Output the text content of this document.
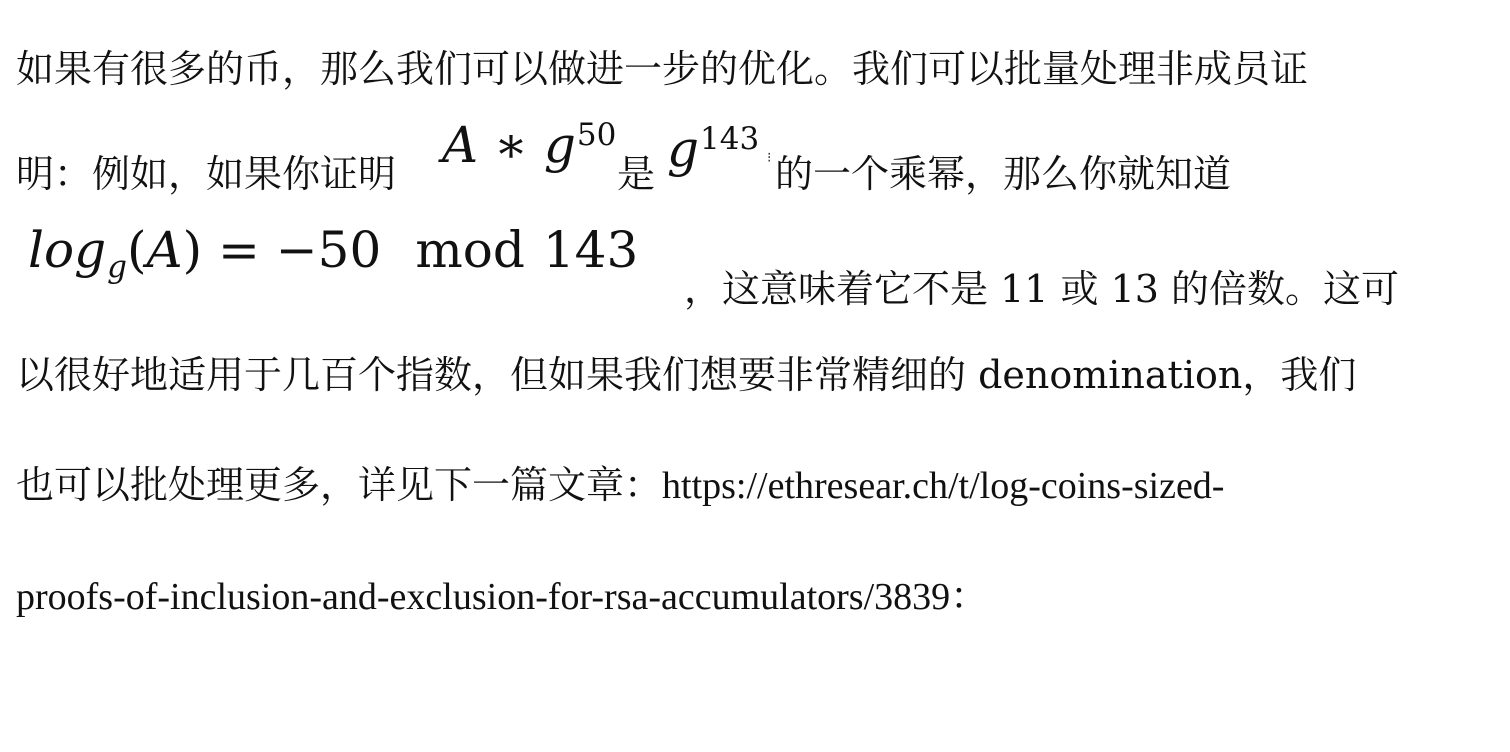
如果有很多的币，那么我们可以做进一步的优化。我们可以批量处理非成员证
明：例如，如果你证明 A ∗ $g^{50}$
是 $g^{143}$
⁝ 的一个乘幂，那么你就知道
logg(A) = −50 mod 143
，这意味着它不是 11 或 13 的倍数。这可
以很好地适用于几百个指数，但如果我们想要非常精细的 denomination，我们
也可以批处理更多，详见下一篇文章：https://ethresear.ch/t/log-coins-sized-
proofs-of-inclusion-and-exclusion-for-rsa-accumulators/3839：
